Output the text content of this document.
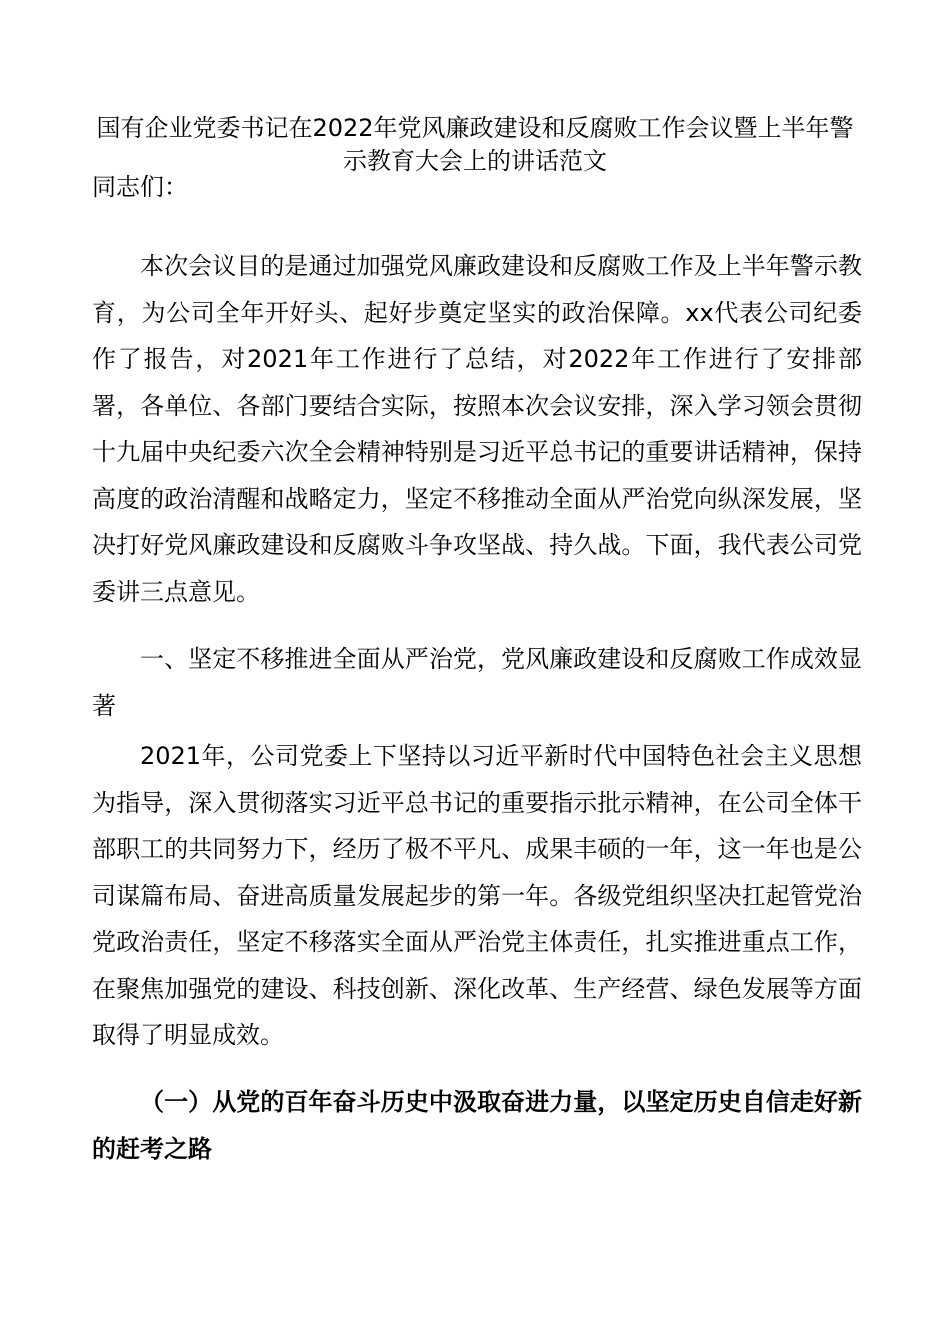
国有企业党委书记在2022年党风廉政建设和反腐败工作会议暨上半年警示教育大会上的讲话范文

同志们：

本次会议目的是通过加强党风廉政建设和反腐败工作及上半年警示教育，为公司全年开好头、起好步奠定坚实的政治保障。xx代表公司纪委作了报告，对2021年工作进行了总结，对2022年工作进行了安排部署，各单位、各部门要结合实际，按照本次会议安排，深入学习领会贯彻十九届中央纪委六次全会精神特别是习近平总书记的重要讲话精神，保持高度的政治清醒和战略定力，坚定不移推动全面从严治党向纵深发展，坚决打好党风廉政建设和反腐败斗争攻坚战、持久战。下面，我代表公司党委讲三点意见。

一、坚定不移推进全面从严治党，党风廉政建设和反腐败工作成效显著

2021年，公司党委上下坚持以习近平新时代中国特色社会主义思想为指导，深入贯彻落实习近平总书记的重要指示批示精神，在公司全体干部职工的共同努力下，经历了极不平凡、成果丰硕的一年，这一年也是公司谋篇布局、奋进高质量发展起步的第一年。各级党组织坚决扛起管党治党政治责任，坚定不移落实全面从严治党主体责任，扎实推进重点工作，在聚焦加强党的建设、科技创新、深化改革、生产经营、绿色发展等方面取得了明显成效。

（一）从党的百年奋斗历史中汲取奋进力量，以坚定历史自信走好新的赶考之路
